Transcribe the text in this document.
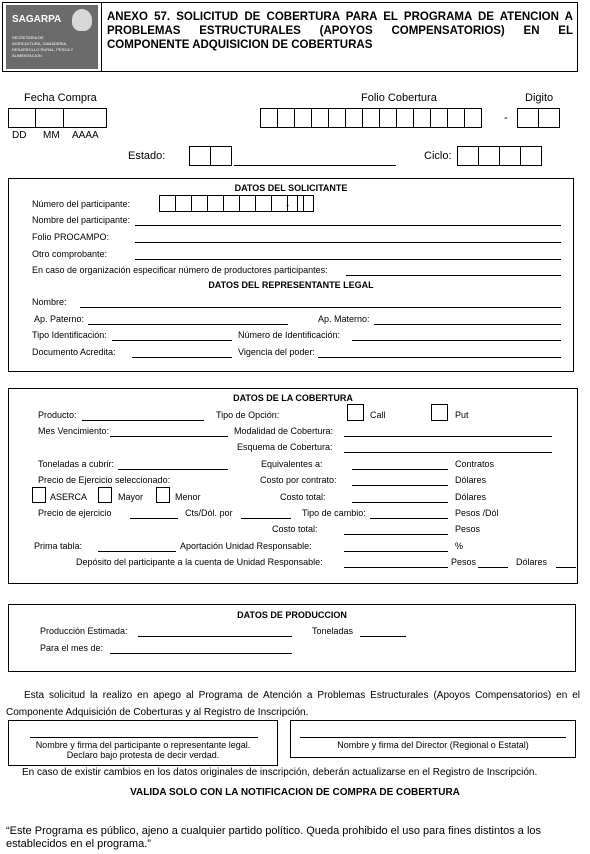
SAGARPA
SECRETARIA DE AGRICULTURA, GANADERIA, DESARROLLO RURAL, PESCA Y ALIMENTACION
ANEXO 57. SOLICITUD DE COBERTURA PARA EL PROGRAMA DE ATENCION A PROBLEMAS ESTRUCTURALES (APOYOS COMPENSATORIOS) EN EL COMPONENTE ADQUISICION DE COBERTURAS
Fecha Compra
DD MM AAAA
Folio Cobertura
-
Digito
Estado:	Ciclo:
DATOS DEL SOLICITANTE
Número del participante:	-
Nombre del participante:
Folio PROCAMPO:
Otro comprobante:
En caso de organización especificar número de productores participantes:
DATOS DEL REPRESENTANTE LEGAL
Nombre:
Ap. Paterno:	Ap. Materno:
Tipo Identificación:	Número de Identificación:
Documento Acredita:	Vigencia del poder:
DATOS DE LA COBERTURA
Producto:	Tipo de Opción:	Call	Put
Mes Vencimiento:	Modalidad de Cobertura:
Esquema de Cobertura:
Toneladas a cubrir:	Equivalentes a:	Contratos
Precio de Ejercicio seleccionado:	Costo por contrato:	Dólares
ASERCA	Mayor	Menor	Costo total:	Dólares
Precio de ejercicio	Cts/Dól. por	Tipo de cambio:	Pesos /Dól
Costo total:	Pesos
Prima tabla:	Aportación Unidad Responsable:	%
Depósito del participante a la cuenta de Unidad Responsable:	Pesos	Dólares
DATOS DE PRODUCCION
Producción Estimada:	Toneladas
Para el mes de:
Esta solicitud la realizo en apego al Programa de Atención a Problemas Estructurales (Apoyos Compensatorios) en el Componente Adquisición de Coberturas y al Registro de Inscripción.
Nombre y firma del participante o representante legal.
Declaro bajo protesta de decir verdad.
Nombre y firma del Director (Regional o Estatal)
En caso de existir cambios en los datos originales de inscripción, deberán actualizarse en el Registro de Inscripción.
VALIDA SOLO CON LA NOTIFICACION DE COMPRA DE COBERTURA
“Este Programa es público, ajeno a cualquier partido político. Queda prohibido el uso para fines distintos a los establecidos en el programa.”
